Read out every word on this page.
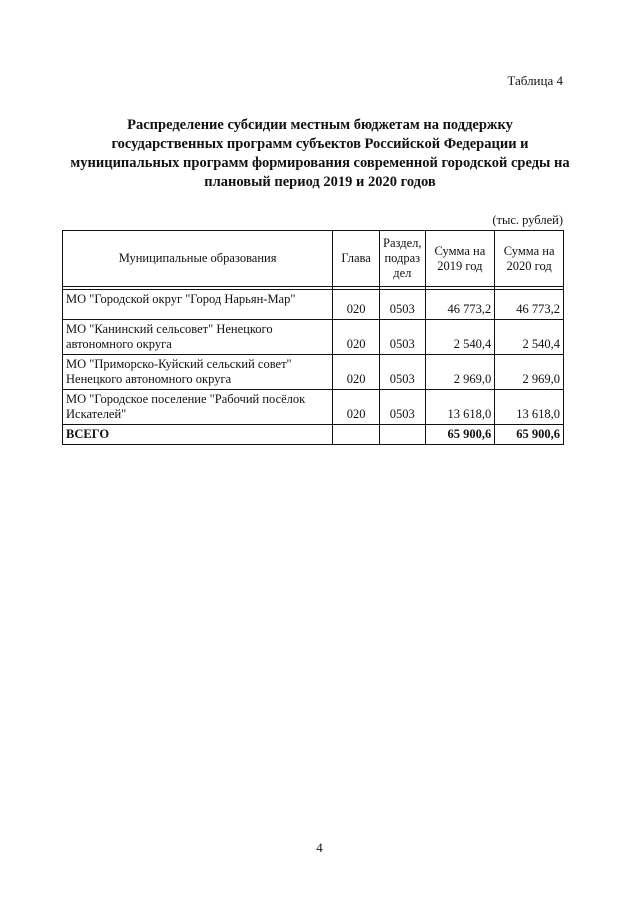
Таблица 4
Распределение субсидии местным бюджетам на поддержку государственных программ субъектов Российской Федерации и муниципальных программ формирования современной городской среды на плановый период 2019 и 2020 годов
(тыс. рублей)
Муниципальные образования	Глава	Раздел, подраз дел	Сумма на 2019 год	Сумма на 2020 год

МО "Городской округ "Город Нарьян-Мар"	020	0503	46 773,2	46 773,2
МО "Канинский сельсовет" Ненецкого автономного округа	020	0503	2 540,4	2 540,4
МО "Приморско-Куйский сельский совет" Ненецкого автономного округа	020	0503	2 969,0	2 969,0
МО "Городское поселение "Рабочий посёлок Искателей"	020	0503	13 618,0	13 618,0
ВСЕГО			65 900,6	65 900,6
4
